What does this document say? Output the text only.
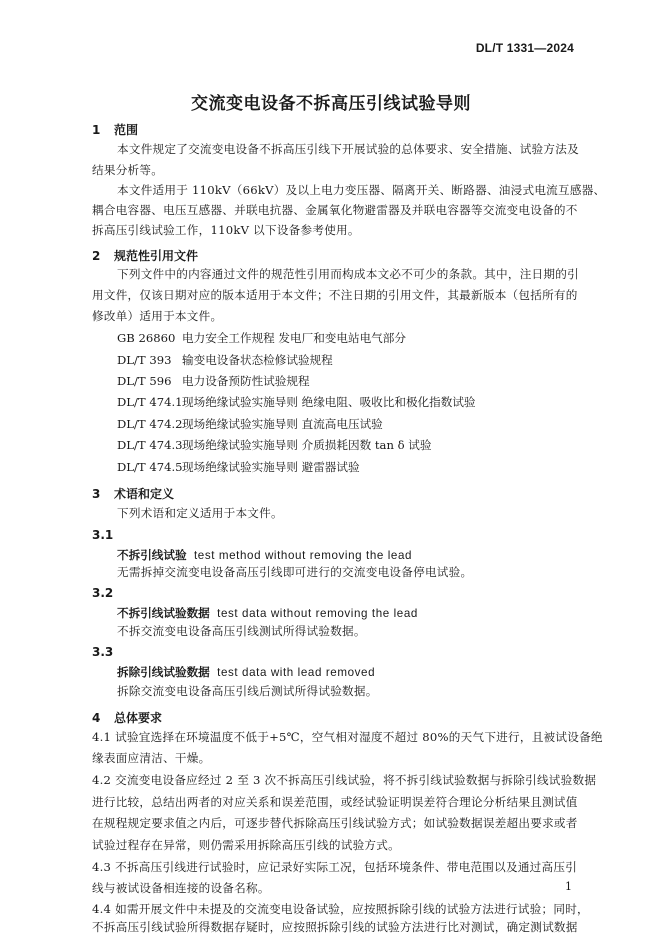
DL/T 1331—2024
交流变电设备不拆高压引线试验导则
1 范围
本文件规定了交流变电设备不拆高压引线下开展试验的总体要求、安全措施、试验方法及
结果分析等。
本文件适用于 110kV（66kV）及以上电力变压器、隔离开关、断路器、油浸式电流互感器、
耦合电容器、电压互感器、并联电抗器、金属氧化物避雷器及并联电容器等交流变电设备的不
拆高压引线试验工作，110kV 以下设备参考使用。
2 规范性引用文件
下列文件中的内容通过文件的规范性引用而构成本文必不可少的条款。其中，注日期的引
用文件，仅该日期对应的版本适用于本文件；不注日期的引用文件，其最新版本（包括所有的
修改单）适用于本文件。
GB 26860 电力安全工作规程 发电厂和变电站电气部分
DL/T 393 输变电设备状态检修试验规程
DL/T 596 电力设备预防性试验规程
DL/T 474.1现场绝缘试验实施导则 绝缘电阻、吸收比和极化指数试验
DL/T 474.2现场绝缘试验实施导则 直流高电压试验
DL/T 474.3现场绝缘试验实施导则 介质损耗因数 tan δ 试验
DL/T 474.5现场绝缘试验实施导则 避雷器试验
3 术语和定义
下列术语和定义适用于本文件。
3.1
不拆引线试验 test method without removing the lead
无需拆掉交流变电设备高压引线即可进行的交流变电设备停电试验。
3.2
不拆引线试验数据 test data without removing the lead
不拆交流变电设备高压引线测试所得试验数据。
3.3
拆除引线试验数据 test data with lead removed
拆除交流变电设备高压引线后测试所得试验数据。
4 总体要求
4.1 试验宜选择在环境温度不低于+5℃，空气相对湿度不超过 80%的天气下进行，且被试设备绝
缘表面应清洁、干燥。
4.2 交流变电设备应经过 2 至 3 次不拆高压引线试验，将不拆引线试验数据与拆除引线试验数据
进行比较，总结出两者的对应关系和误差范围，或经试验证明误差符合理论分析结果且测试值
在规程规定要求值之内后，可逐步替代拆除高压引线试验方式；如试验数据误差超出要求或者
试验过程存在异常，则仍需采用拆除高压引线的试验方式。
4.3 不拆高压引线进行试验时，应记录好实际工况，包括环境条件、带电范围以及通过高压引
线与被试设备相连接的设备名称。
4.4 如需开展文件中未提及的交流变电设备试验，应按照拆除引线的试验方法进行试验；同时，
不拆高压引线试验所得数据存疑时，应按照拆除引线的试验方法进行比对测试，确定测试数据
1
